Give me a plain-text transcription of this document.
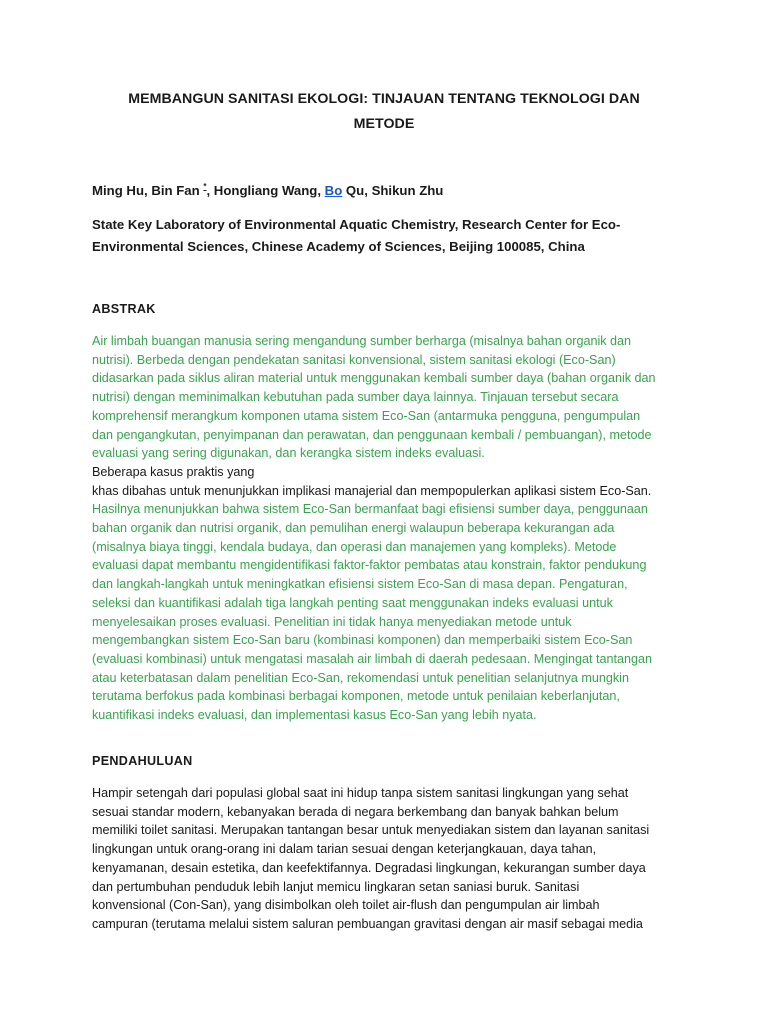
MEMBANGUN SANITASI EKOLOGI: TINJAUAN TENTANG TEKNOLOGI DAN
METODE
Ming Hu, Bin Fan *, Hongliang Wang, Bo Qu, Shikun Zhu
State Key Laboratory of Environmental Aquatic Chemistry, Research Center for Eco-
Environmental Sciences, Chinese Academy of Sciences, Beijing 100085, China
ABSTRAK
Air limbah buangan manusia sering mengandung sumber berharga (misalnya bahan organik dan
nutrisi). Berbeda dengan pendekatan sanitasi konvensional, sistem sanitasi ekologi (Eco-San)
didasarkan pada siklus aliran material untuk menggunakan kembali sumber daya (bahan organik dan
nutrisi) dengan meminimalkan kebutuhan pada sumber daya lainnya. Tinjauan tersebut secara
komprehensif merangkum komponen utama sistem Eco-San (antarmuka pengguna, pengumpulan
dan pengangkutan, penyimpanan dan perawatan, dan penggunaan kembali / pembuangan), metode
evaluasi yang sering digunakan, dan kerangka sistem indeks evaluasi.
Beberapa kasus praktis yang
khas dibahas untuk menunjukkan implikasi manajerial dan mempopulerkan aplikasi sistem Eco-San.
Hasilnya menunjukkan bahwa sistem Eco-San bermanfaat bagi efisiensi sumber daya, penggunaan
bahan organik dan nutrisi organik, dan pemulihan energi walaupun beberapa kekurangan ada
(misalnya biaya tinggi, kendala budaya, dan operasi dan manajemen yang kompleks). Metode
evaluasi dapat membantu mengidentifikasi faktor-faktor pembatas atau konstrain, faktor pendukung
dan langkah-langkah untuk meningkatkan efisiensi sistem Eco-San di masa depan. Pengaturan,
seleksi dan kuantifikasi adalah tiga langkah penting saat menggunakan indeks evaluasi untuk
menyelesaikan proses evaluasi. Penelitian ini tidak hanya menyediakan metode untuk
mengembangkan sistem Eco-San baru (kombinasi komponen) dan memperbaiki sistem Eco-San
(evaluasi kombinasi) untuk mengatasi masalah air limbah di daerah pedesaan. Mengingat tantangan
atau keterbatasan dalam penelitian Eco-San, rekomendasi untuk penelitian selanjutnya mungkin
terutama berfokus pada kombinasi berbagai komponen, metode untuk penilaian keberlanjutan,
kuantifikasi indeks evaluasi, dan implementasi kasus Eco-San yang lebih nyata.
PENDAHULUAN
Hampir setengah dari populasi global saat ini hidup tanpa sistem sanitasi lingkungan yang sehat
sesuai standar modern, kebanyakan berada di negara berkembang dan banyak bahkan belum
memiliki toilet sanitasi. Merupakan tantangan besar untuk menyediakan sistem dan layanan sanitasi
lingkungan untuk orang-orang ini dalam tarian sesuai dengan keterjangkauan, daya tahan,
kenyamanan, desain estetika, dan keefektifannya. Degradasi lingkungan, kekurangan sumber daya
dan pertumbuhan penduduk lebih lanjut memicu lingkaran setan saniasi buruk. Sanitasi
konvensional (Con-San), yang disimbolkan oleh toilet air-flush dan pengumpulan air limbah
campuran (terutama melalui sistem saluran pembuangan gravitasi dengan air masif sebagai media
